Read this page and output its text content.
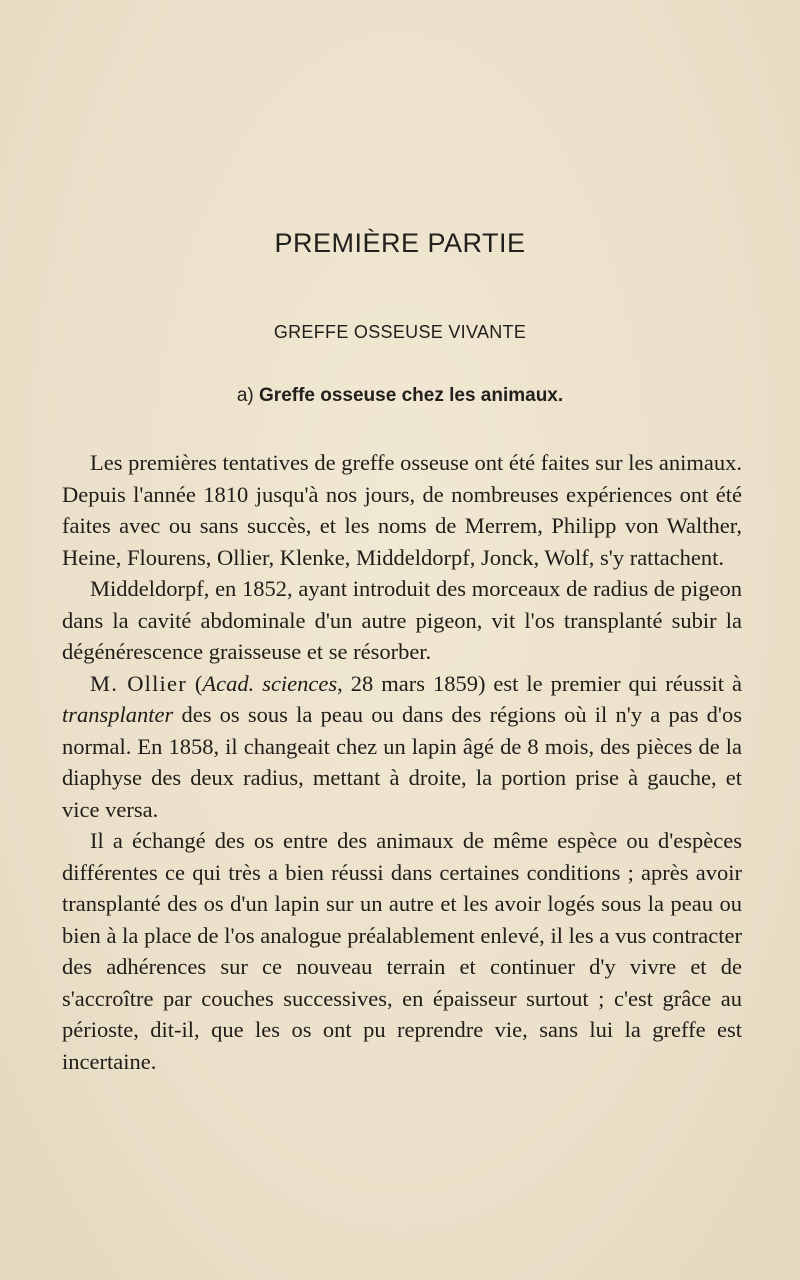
PREMIÈRE PARTIE
GREFFE OSSEUSE VIVANTE
a) Greffe osseuse chez les animaux.

Les premières tentatives de greffe osseuse ont été faites sur les animaux. Depuis l'année 1810 jusqu'à nos jours, de nombreuses expériences ont été faites avec ou sans succès, et les noms de Merrem, Philipp von Walther, Heine, Flourens, Ollier, Klenke, Middeldorpf, Jonck, Wolf, s'y rattachent.

Middeldorpf, en 1852, ayant introduit des morceaux de radius de pigeon dans la cavité abdominale d'un autre pigeon, vit l'os transplanté subir la dégénérescence graisseuse et se résorber.

M. Ollier (Acad. sciences, 28 mars 1859) est le premier qui réussit à transplanter des os sous la peau ou dans des régions où il n'y a pas d'os normal. En 1858, il changeait chez un lapin âgé de 8 mois, des pièces de la diaphyse des deux radius, mettant à droite, la portion prise à gauche, et vice versa.

Il a échangé des os entre des animaux de même espèce ou d'espèces différentes ce qui très a bien réussi dans certaines conditions ; après avoir transplanté des os d'un lapin sur un autre et les avoir logés sous la peau ou bien à la place de l'os analogue préalablement enlevé, il les a vus contracter des adhérences sur ce nouveau terrain et continuer d'y vivre et de s'accroître par couches successives, en épaisseur surtout ; c'est grâce au périoste, dit-il, que les os ont pu reprendre vie, sans lui la greffe est incertaine.
